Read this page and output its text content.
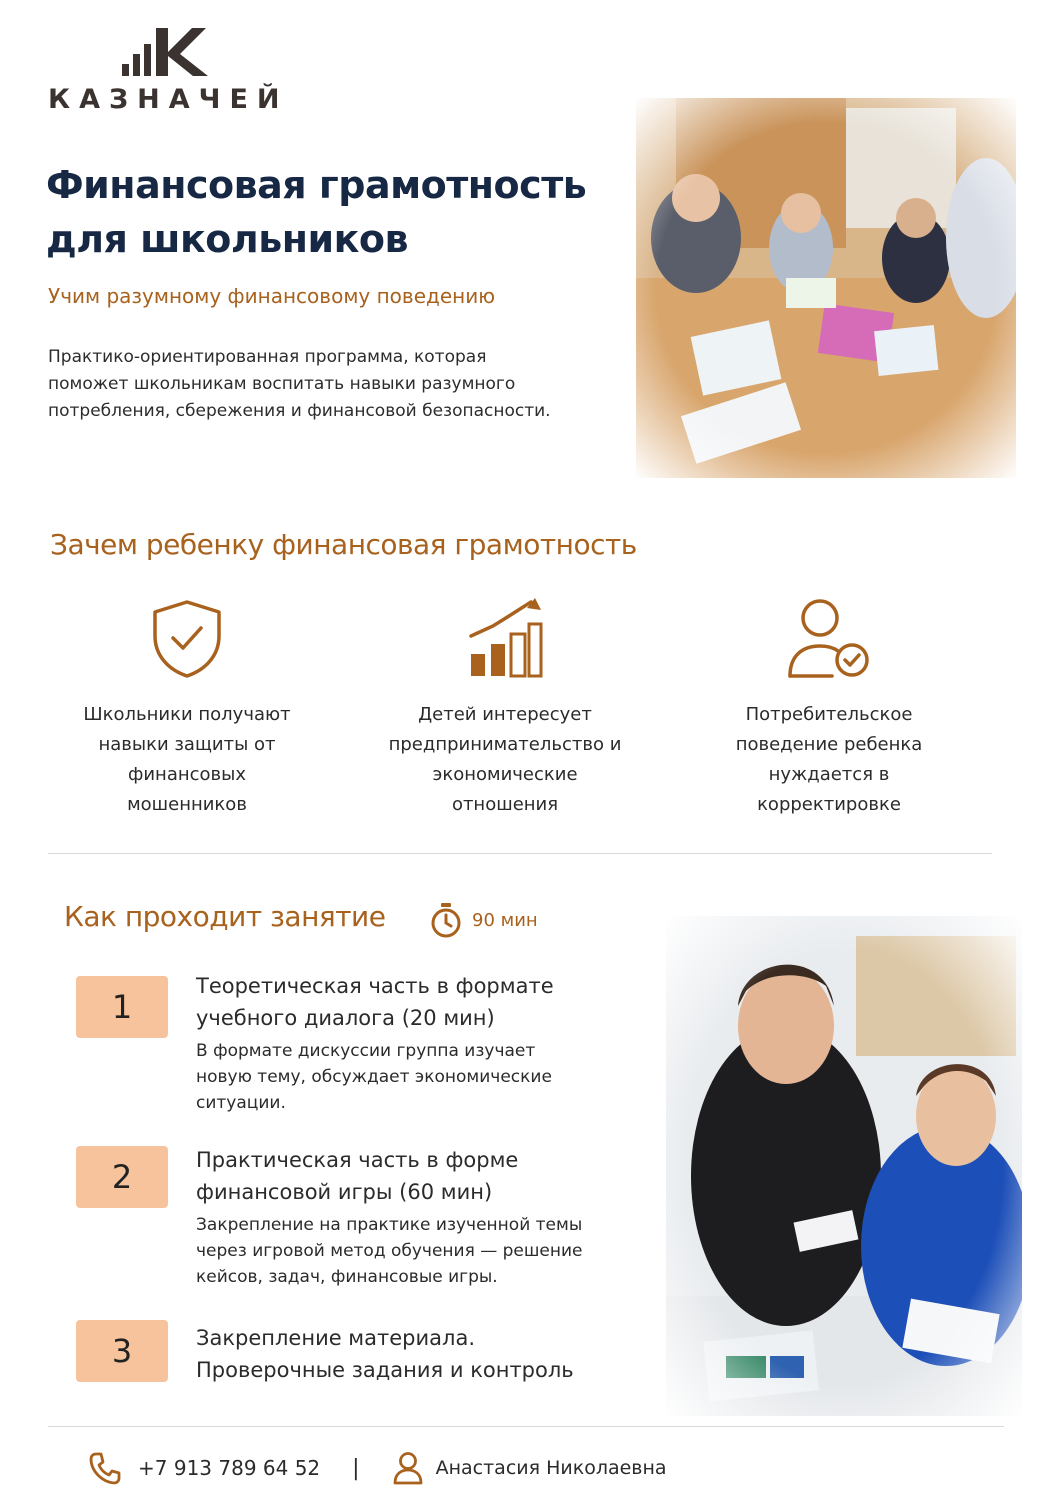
КАЗНАЧЕЙ
Финансовая грамотность
для школьников
Учим разумному финансовому поведению
Практико-ориентированная программа, которая поможет школьникам воспитать навыки разумного потребления, сбережения и финансовой безопасности.
Зачем ребенку финансовая грамотность
Школьники получают
навыки защиты от
финансовых
мошенников
Детей интересует
предпринимательство и
экономические
отношения
Потребительское
поведение ребенка
нуждается в
корректировке
Как проходит занятие	90 мин
1
Теоретическая часть в формате
учебного диалога (20 мин)
В формате дискуссии группа изучает
новую тему, обсуждает экономические
ситуации.
2	Практическая часть в форме
финансовой игры (60 мин)
Закрепление на практике изученной темы
через игровой метод обучения — решение
кейсов, задач, финансовые игры.
3	Закрепление материала.
Проверочные задания и контроль
+7 913 789 64 52 |	Анастасия Николаевна
